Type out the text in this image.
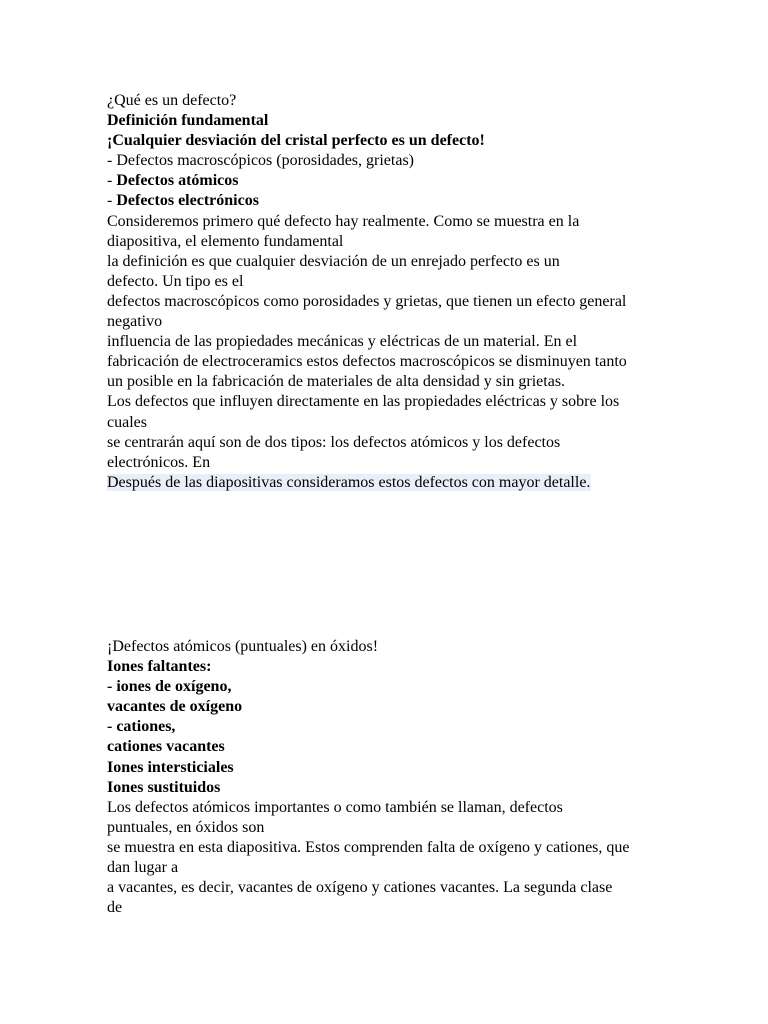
¿Qué es un defecto?
Definición fundamental
¡Cualquier desviación del cristal perfecto es un defecto!
- Defectos macroscópicos (porosidades, grietas)
- Defectos atómicos
- Defectos electrónicos
Consideremos primero qué defecto hay realmente. Como se muestra en la
diapositiva, el elemento fundamental
la definición es que cualquier desviación de un enrejado perfecto es un
defecto. Un tipo es el
defectos macroscópicos como porosidades y grietas, que tienen un efecto general
negativo
influencia de las propiedades mecánicas y eléctricas de un material. En el
fabricación de electroceramics estos defectos macroscópicos se disminuyen tanto
un posible en la fabricación de materiales de alta densidad y sin grietas.
Los defectos que influyen directamente en las propiedades eléctricas y sobre los
cuales
se centrarán aquí son de dos tipos: los defectos atómicos y los defectos
electrónicos. En
Después de las diapositivas consideramos estos defectos con mayor detalle.
¡Defectos atómicos (puntuales) en óxidos!
Iones faltantes:
- iones de oxígeno,
vacantes de oxígeno
- cationes,
cationes vacantes
Iones intersticiales
Iones sustituidos
Los defectos atómicos importantes o como también se llaman, defectos
puntuales, en óxidos son
se muestra en esta diapositiva. Estos comprenden falta de oxígeno y cationes, que
dan lugar a
a vacantes, es decir, vacantes de oxígeno y cationes vacantes. La segunda clase
de
